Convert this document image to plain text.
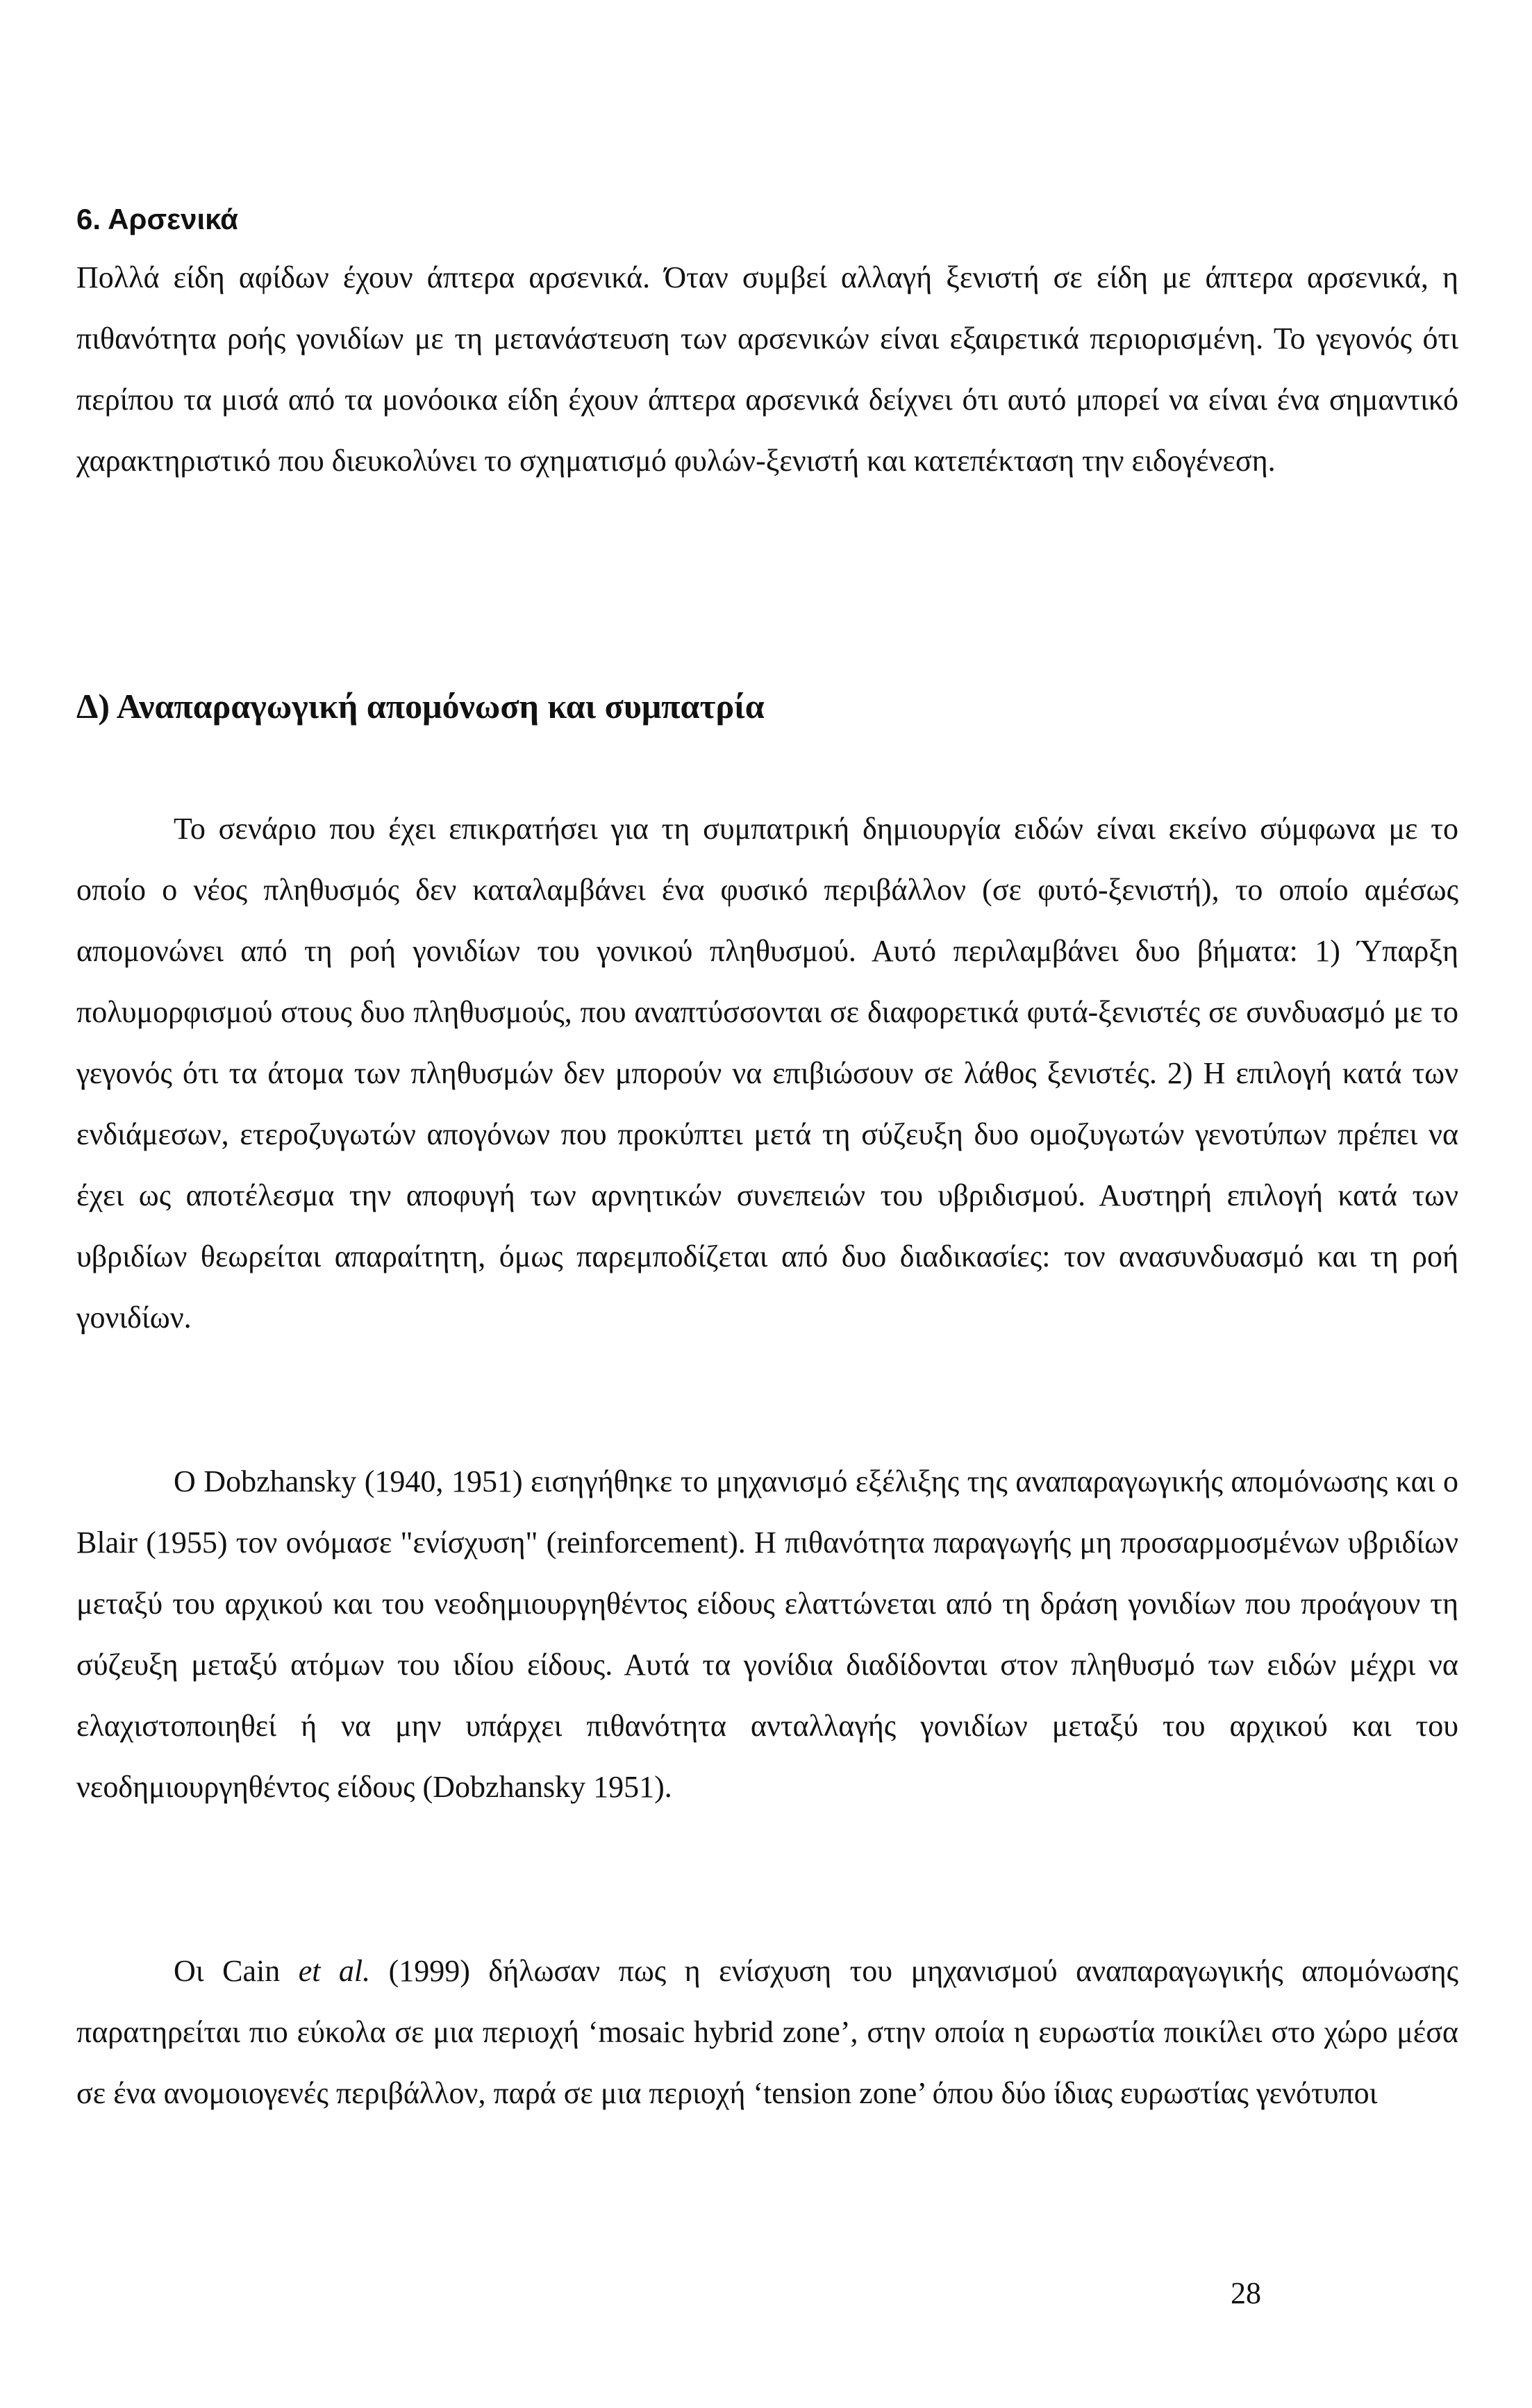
6. Αρσενικά

Πολλά είδη αφίδων έχουν άπτερα αρσενικά. Όταν συμβεί αλλαγή ξενιστή σε είδη με άπτερα αρσενικά, η πιθανότητα ροής γονιδίων με τη μετανάστευση των αρσενικών είναι εξαιρετικά περιορισμένη. Το γεγονός ότι περίπου τα μισά από τα μονόοικα είδη έχουν άπτερα αρσενικά δείχνει ότι αυτό μπορεί να είναι ένα σημαντικό χαρακτηριστικό που διευκολύνει το σχηματισμό φυλών-ξενιστή και κατεπέκταση την ειδογένεση.

Δ) Αναπαραγωγική απομόνωση και συμπατρία

Το σενάριο που έχει επικρατήσει για τη συμπατρική δημιουργία ειδών είναι εκείνο σύμφωνα με το οποίο ο νέος πληθυσμός δεν καταλαμβάνει ένα φυσικό περιβάλλον (σε φυτό-ξενιστή), το οποίο αμέσως απομονώνει από τη ροή γονιδίων του γονικού πληθυσμού. Αυτό περιλαμβάνει δυο βήματα: 1) Ύπαρξη πολυμορφισμού στους δυο πληθυσμούς, που αναπτύσσονται σε διαφορετικά φυτά-ξενιστές σε συνδυασμό με το γεγονός ότι τα άτομα των πληθυσμών δεν μπορούν να επιβιώσουν σε λάθος ξενιστές. 2) Η επιλογή κατά των ενδιάμεσων, ετεροζυγωτών απογόνων που προκύπτει μετά τη σύζευξη δυο ομοζυγωτών γενοτύπων πρέπει να έχει ως αποτέλεσμα την αποφυγή των αρνητικών συνεπειών του υβριδισμού. Αυστηρή επιλογή κατά των υβριδίων θεωρείται απαραίτητη, όμως παρεμποδίζεται από δυο διαδικασίες: τον ανασυνδυασμό και τη ροή γονιδίων.

Ο Dobzhansky (1940, 1951) εισηγήθηκε το μηχανισμό εξέλιξης της αναπαραγωγικής απομόνωσης και ο Blair (1955) τον ονόμασε "ενίσχυση" (reinforcement). Η πιθανότητα παραγωγής μη προσαρμοσμένων υβριδίων μεταξύ του αρχικού και του νεοδημιουργηθέντος είδους ελαττώνεται από τη δράση γονιδίων που προάγουν τη σύζευξη μεταξύ ατόμων του ιδίου είδους. Αυτά τα γονίδια διαδίδονται στον πληθυσμό των ειδών μέχρι να ελαχιστοποιηθεί ή να μην υπάρχει πιθανότητα ανταλλαγής γονιδίων μεταξύ του αρχικού και του νεοδημιουργηθέντος είδους (Dobzhansky 1951).

Οι Cain et al. (1999) δήλωσαν πως η ενίσχυση του μηχανισμού αναπαραγωγικής απομόνωσης παρατηρείται πιο εύκολα σε μια περιοχή ‘mosaic hybrid zone’, στην οποία η ευρωστία ποικίλει στο χώρο μέσα σε ένα ανομοιογενές περιβάλλον, παρά σε μια περιοχή ‘tension zone’ όπου δύο ίδιας ευρωστίας γενότυποι

28
